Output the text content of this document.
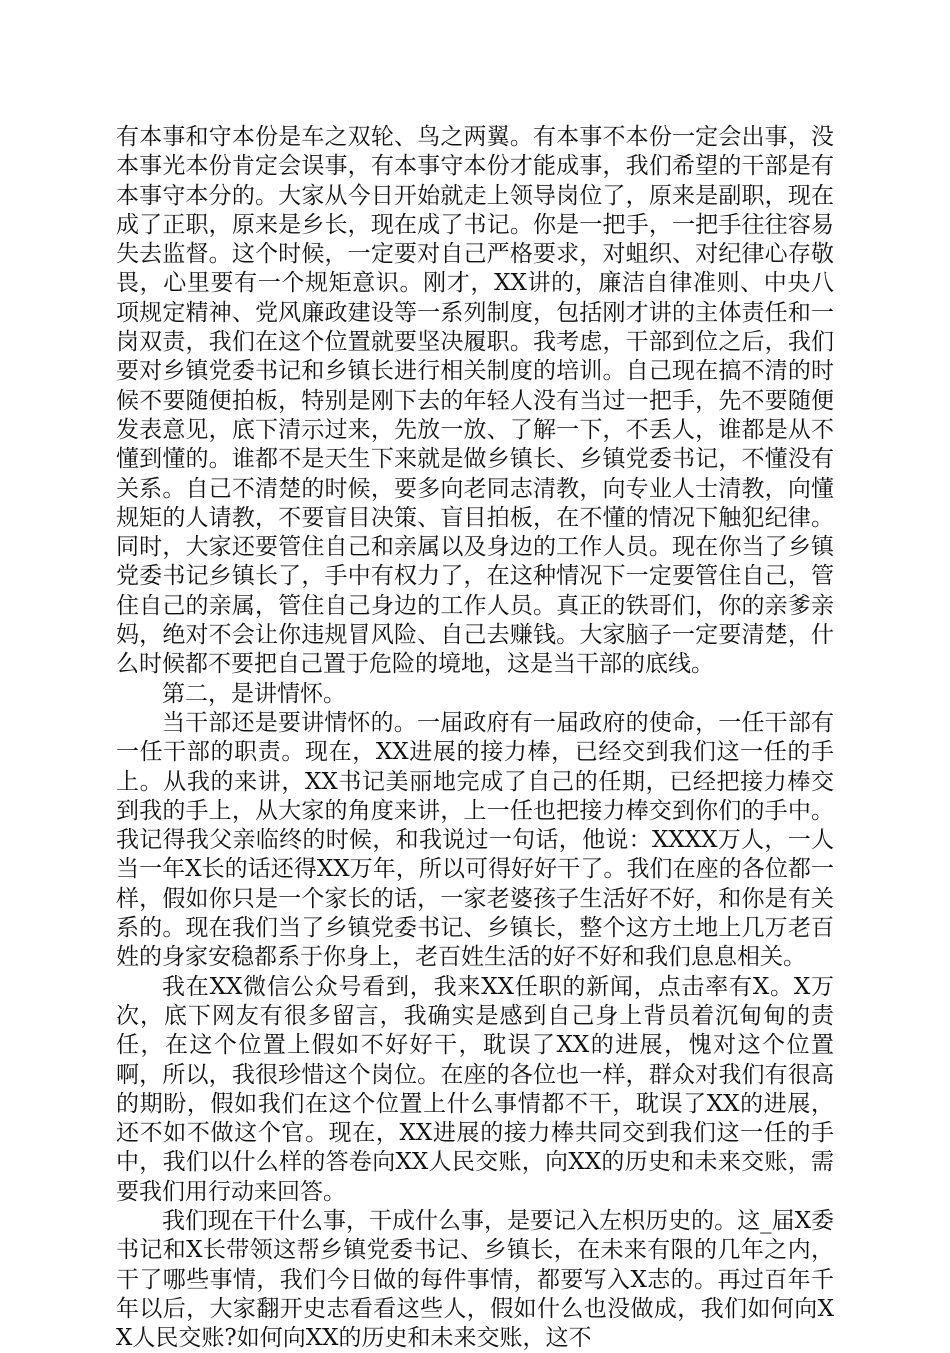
有本事和守本份是车之双轮、鸟之两翼。有本事不本份一定会出事，没本事光本份肯定会误事，有本事守本份才能成事，我们希望的干部是有本事守本分的。大家从今日开始就走上领导岗位了，原来是副职，现在成了正职，原来是乡长，现在成了书记。你是一把手，一把手往往容易失去监督。这个时候，一定要对自己严格要求，对蛆织、对纪律心存敬畏，心里要有一个规矩意识。刚才，XX讲的，廉洁自律准则、中央八项规定精神、党风廉政建设等一系列制度，包括刚才讲的主体责任和一岗双责，我们在这个位置就要坚决履职。我考虑，干部到位之后，我们要对乡镇党委书记和乡镇长进行相关制度的培训。自己现在搞不清的时候不要随便拍板，特别是刚下去的年轻人没有当过一把手，先不要随便发表意见，底下清示过来，先放一放、了解一下，不丢人，谁都是从不懂到懂的。谁都不是天生下来就是做乡镇长、乡镇党委书记，不懂没有关系。自己不清楚的时候，要多向老同志清教，向专业人士清教，向懂规矩的人请教，不要盲目决策、盲目拍板，在不懂的情况下触犯纪律。同时，大家还要管住自己和亲属以及身边的工作人员。现在你当了乡镇党委书记乡镇长了，手中有权力了，在这种情况下一定要管住自己，管住自己的亲属，管住自己身边的工作人员。真正的铁哥们，你的亲爹亲妈，绝对不会让你违规冒风险、自己去赚钱。大家脑子一定要清楚，什么时候都不要把自己置于危险的境地，这是当干部的底线。

第二，是讲情怀。

当干部还是要讲情怀的。一届政府有一届政府的使命，一任干部有一任干部的职责。现在，XX进展的接力棒，已经交到我们这一任的手上。从我的来讲，XX书记美丽地完成了自己的任期，已经把接力棒交到我的手上，从大家的角度来讲，上一任也把接力棒交到你们的手中。我记得我父亲临终的时候，和我说过一句话，他说：XXXX万人，一人当一年X长的话还得XX万年，所以可得好好干了。我们在座的各位都一样，假如你只是一个家长的话，一家老婆孩子生活好不好，和你是有关系的。现在我们当了乡镇党委书记、乡镇长，整个这方土地上几万老百姓的身家安稳都系于你身上，老百姓生活的好不好和我们息息相关。

我在XX微信公众号看到，我来XX任职的新闻，点击率有X。X万次，底下网友有很多留言，我确实是感到自己身上背员着沉甸甸的责任，在这个位置上假如不好好干，耽误了XX的进展，愧对这个位置啊，所以，我很珍惜这个岗位。在座的各位也一样，群众对我们有很高的期盼，假如我们在这个位置上什么事情都不干，耽误了XX的进展，还不如不做这个官。现在，XX进展的接力棒共同交到我们这一任的手中，我们以什么样的答卷向XX人民交账，向XX的历史和未来交账，需要我们用行动来回答。

我们现在干什么事，干成什么事，是要记入左枳历史的。这_届X委书记和X长带领这帮乡镇党委书记、乡镇长，在未来有限的几年之内，干了哪些事情，我们今日做的每件事情，都要写入X志的。再过百年千年以后，大家翻开史志看看这些人，假如什么也没做成，我们如何向XX人民交账?如何向XX的历史和未来交账，这不
